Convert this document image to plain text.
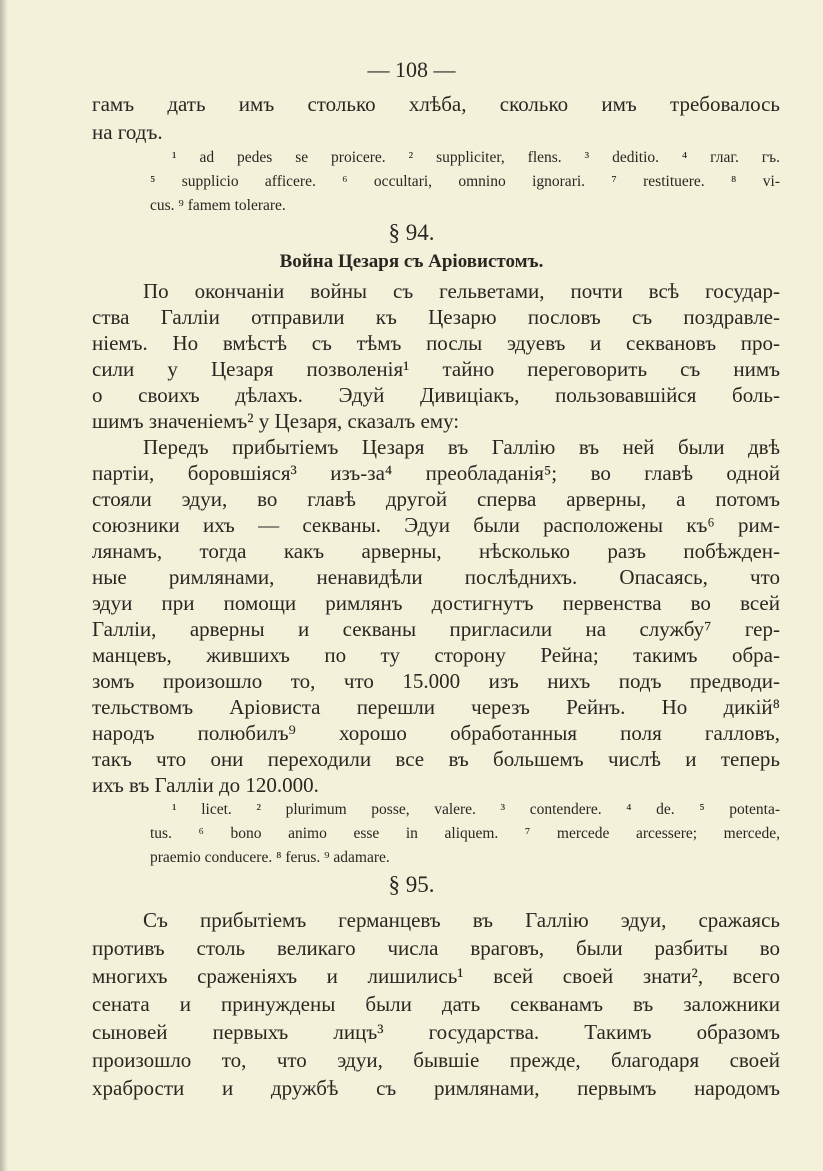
— 108 —
гамъ дать имъ столько хлѣба, сколько имъ требовалось
на годъ.
¹ ad pedes se proicere. ² suppliciter, flens. ³ deditio. ⁴ глаг. гъ.
⁵ supplicio afficere. ⁶ occultari, omnino ignorari. ⁷ restituere. ⁸ vi-
cus. ⁹ famem tolerare.
§ 94.
Война Цезаря съ Аріовистомъ.
По окончаніи войны съ гельветами, почти всѣ государ-
ства Галліи отправили къ Цезарю пословъ съ поздравле-
ніемъ. Но вмѣстѣ съ тѣмъ послы эдуевъ и секвановъ про-
сили у Цезаря позволенія¹ тайно переговорить съ нимъ
о своихъ дѣлахъ. Эдуй Дивиціакъ, пользовавшійся боль-
шимъ значеніемъ² у Цезаря, сказалъ ему:
Передъ прибытіемъ Цезаря въ Галлію въ ней были двѣ
партіи, боровшіяся³ изъ-за⁴ преобладанія⁵; во главѣ одной
стояли эдуи, во главѣ другой сперва арверны, а потомъ
союзники ихъ — секваны. Эдуи были расположены къ⁶ рим-
лянамъ, тогда какъ арверны, нѣсколько разъ побѣжден-
ные римлянами, ненавидѣли послѣднихъ. Опасаясь, что
эдуи при помощи римлянъ достигнутъ первенства во всей
Галліи, арверны и секваны пригласили на службу⁷ гер-
манцевъ, жившихъ по ту сторону Рейна; такимъ обра-
зомъ произошло то, что 15.000 изъ нихъ подъ предводи-
тельствомъ Аріовиста перешли черезъ Рейнъ. Но дикій⁸
народъ полюбилъ⁹ хорошо обработанныя поля галловъ,
такъ что они переходили все въ большемъ числѣ и теперь
ихъ въ Галліи до 120.000.
¹ licet. ² plurimum posse, valere. ³ contendere. ⁴ de. ⁵ potenta-
tus. ⁶ bono animo esse in aliquem. ⁷ mercede arcessere; mercede,
praemio conducere. ⁸ ferus. ⁹ adamare.
§ 95.
Съ прибытіемъ германцевъ въ Галлію эдуи, сражаясь
противъ столь великаго числа враговъ, были разбиты во
многихъ сраженіяхъ и лишились¹ всей своей знати², всего
сената и принуждены были дать секванамъ въ заложники
сыновей первыхъ лицъ³ государства. Такимъ образомъ
произошло то, что эдуи, бывшіе прежде, благодаря своей
храбрости и дружбѣ съ римлянами, первымъ народомъ
